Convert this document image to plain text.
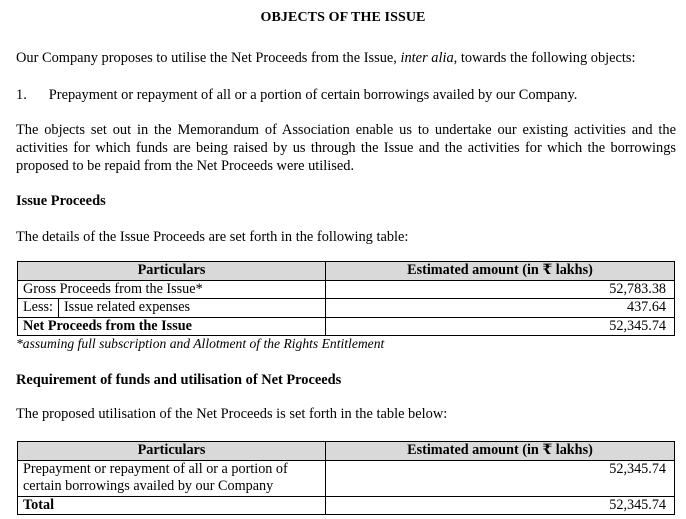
OBJECTS OF THE ISSUE
Our Company proposes to utilise the Net Proceeds from the Issue, inter alia, towards the following objects:
1. Prepayment or repayment of all or a portion of certain borrowings availed by our Company.
The objects set out in the Memorandum of Association enable us to undertake our existing activities and the activities for which funds are being raised by us through the Issue and the activities for which the borrowings proposed to be repaid from the Net Proceeds were utilised.
Issue Proceeds
The details of the Issue Proceeds are set forth in the following table:
Particulars	Estimated amount (in ₹ lakhs)
Gross Proceeds from the Issue*	52,783.38

Less: Issue related expenses	437.64
Net Proceeds from the Issue	52,345.74
*assuming full subscription and Allotment of the Rights Entitlement
Requirement of funds and utilisation of Net Proceeds
The proposed utilisation of the Net Proceeds is set forth in the table below:
Particulars	Estimated amount (in ₹ lakhs)

Prepayment or repayment of all or a portion of
certain borrowings availed by our Company	52,345.74
Total	52,345.74
